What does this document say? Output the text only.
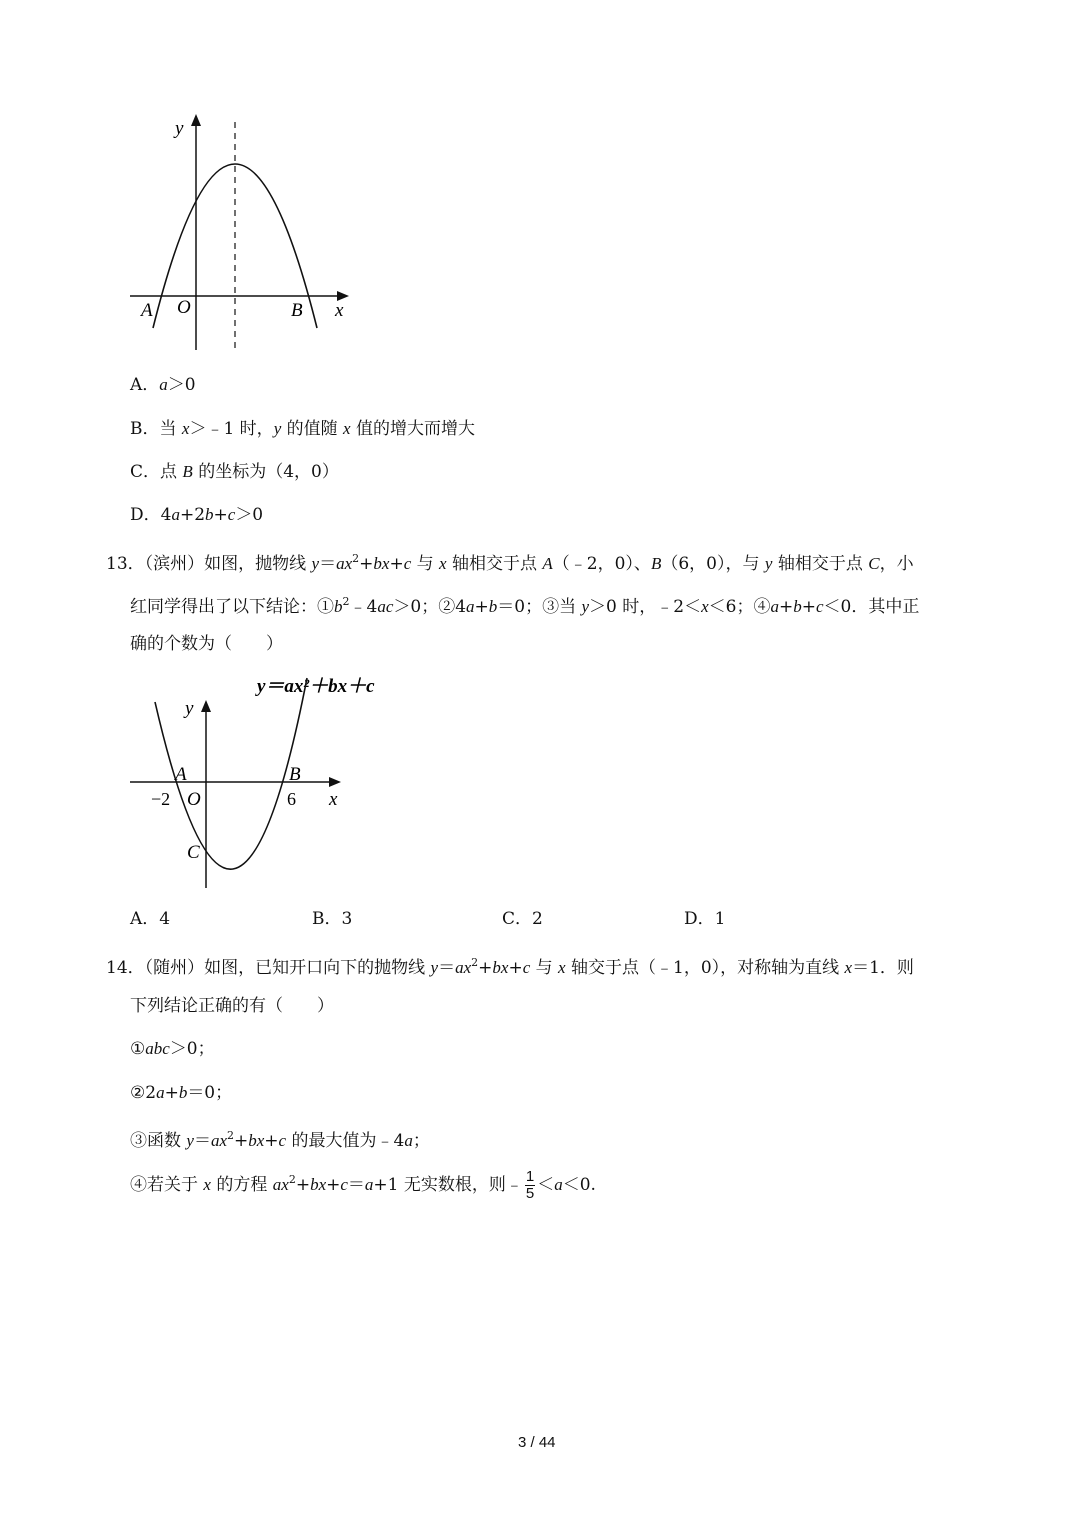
y
A O	B x
A．a＞0
B．当 x＞﹣1 时，y 的值随 x 值的增大而增大
C．点 B 的坐标为（4，0）
D．4a+2b+c＞0
13．（滨州）如图，抛物线 $y=ax^2+bx+c$ 与 x 轴相交于点 A（﹣2，0）、B（6，0），与 y 轴相交于点 C，小
红同学得出了以下结论：$①b^2﹣4ac>0$；②4a+b＝0；③当 y＞0 时，﹣2＜x＜6；④a+b+c＜0．其中正
确的个数为（　　）
y＝ax²＋bx＋c
y
A	B
−2 O	6 x
C
A．4	B．3	C．2	D．1
14．（随州）如图，已知开口向下的抛物线 $y=ax^2+bx+c$ 与 x 轴交于点（﹣1，0），对称轴为直线 x＝1．则
下列结论正确的有（　　）
①abc＞0；
②2a+b＝0；
③函数 $y=ax^2+bx+c$ 的最大值为﹣4a；
④若关于 x 的方程 $ax^2+bx+c=a+1$ 无实数根，则﹣ $\frac{1}{5} <a<0$.
3 / 44
